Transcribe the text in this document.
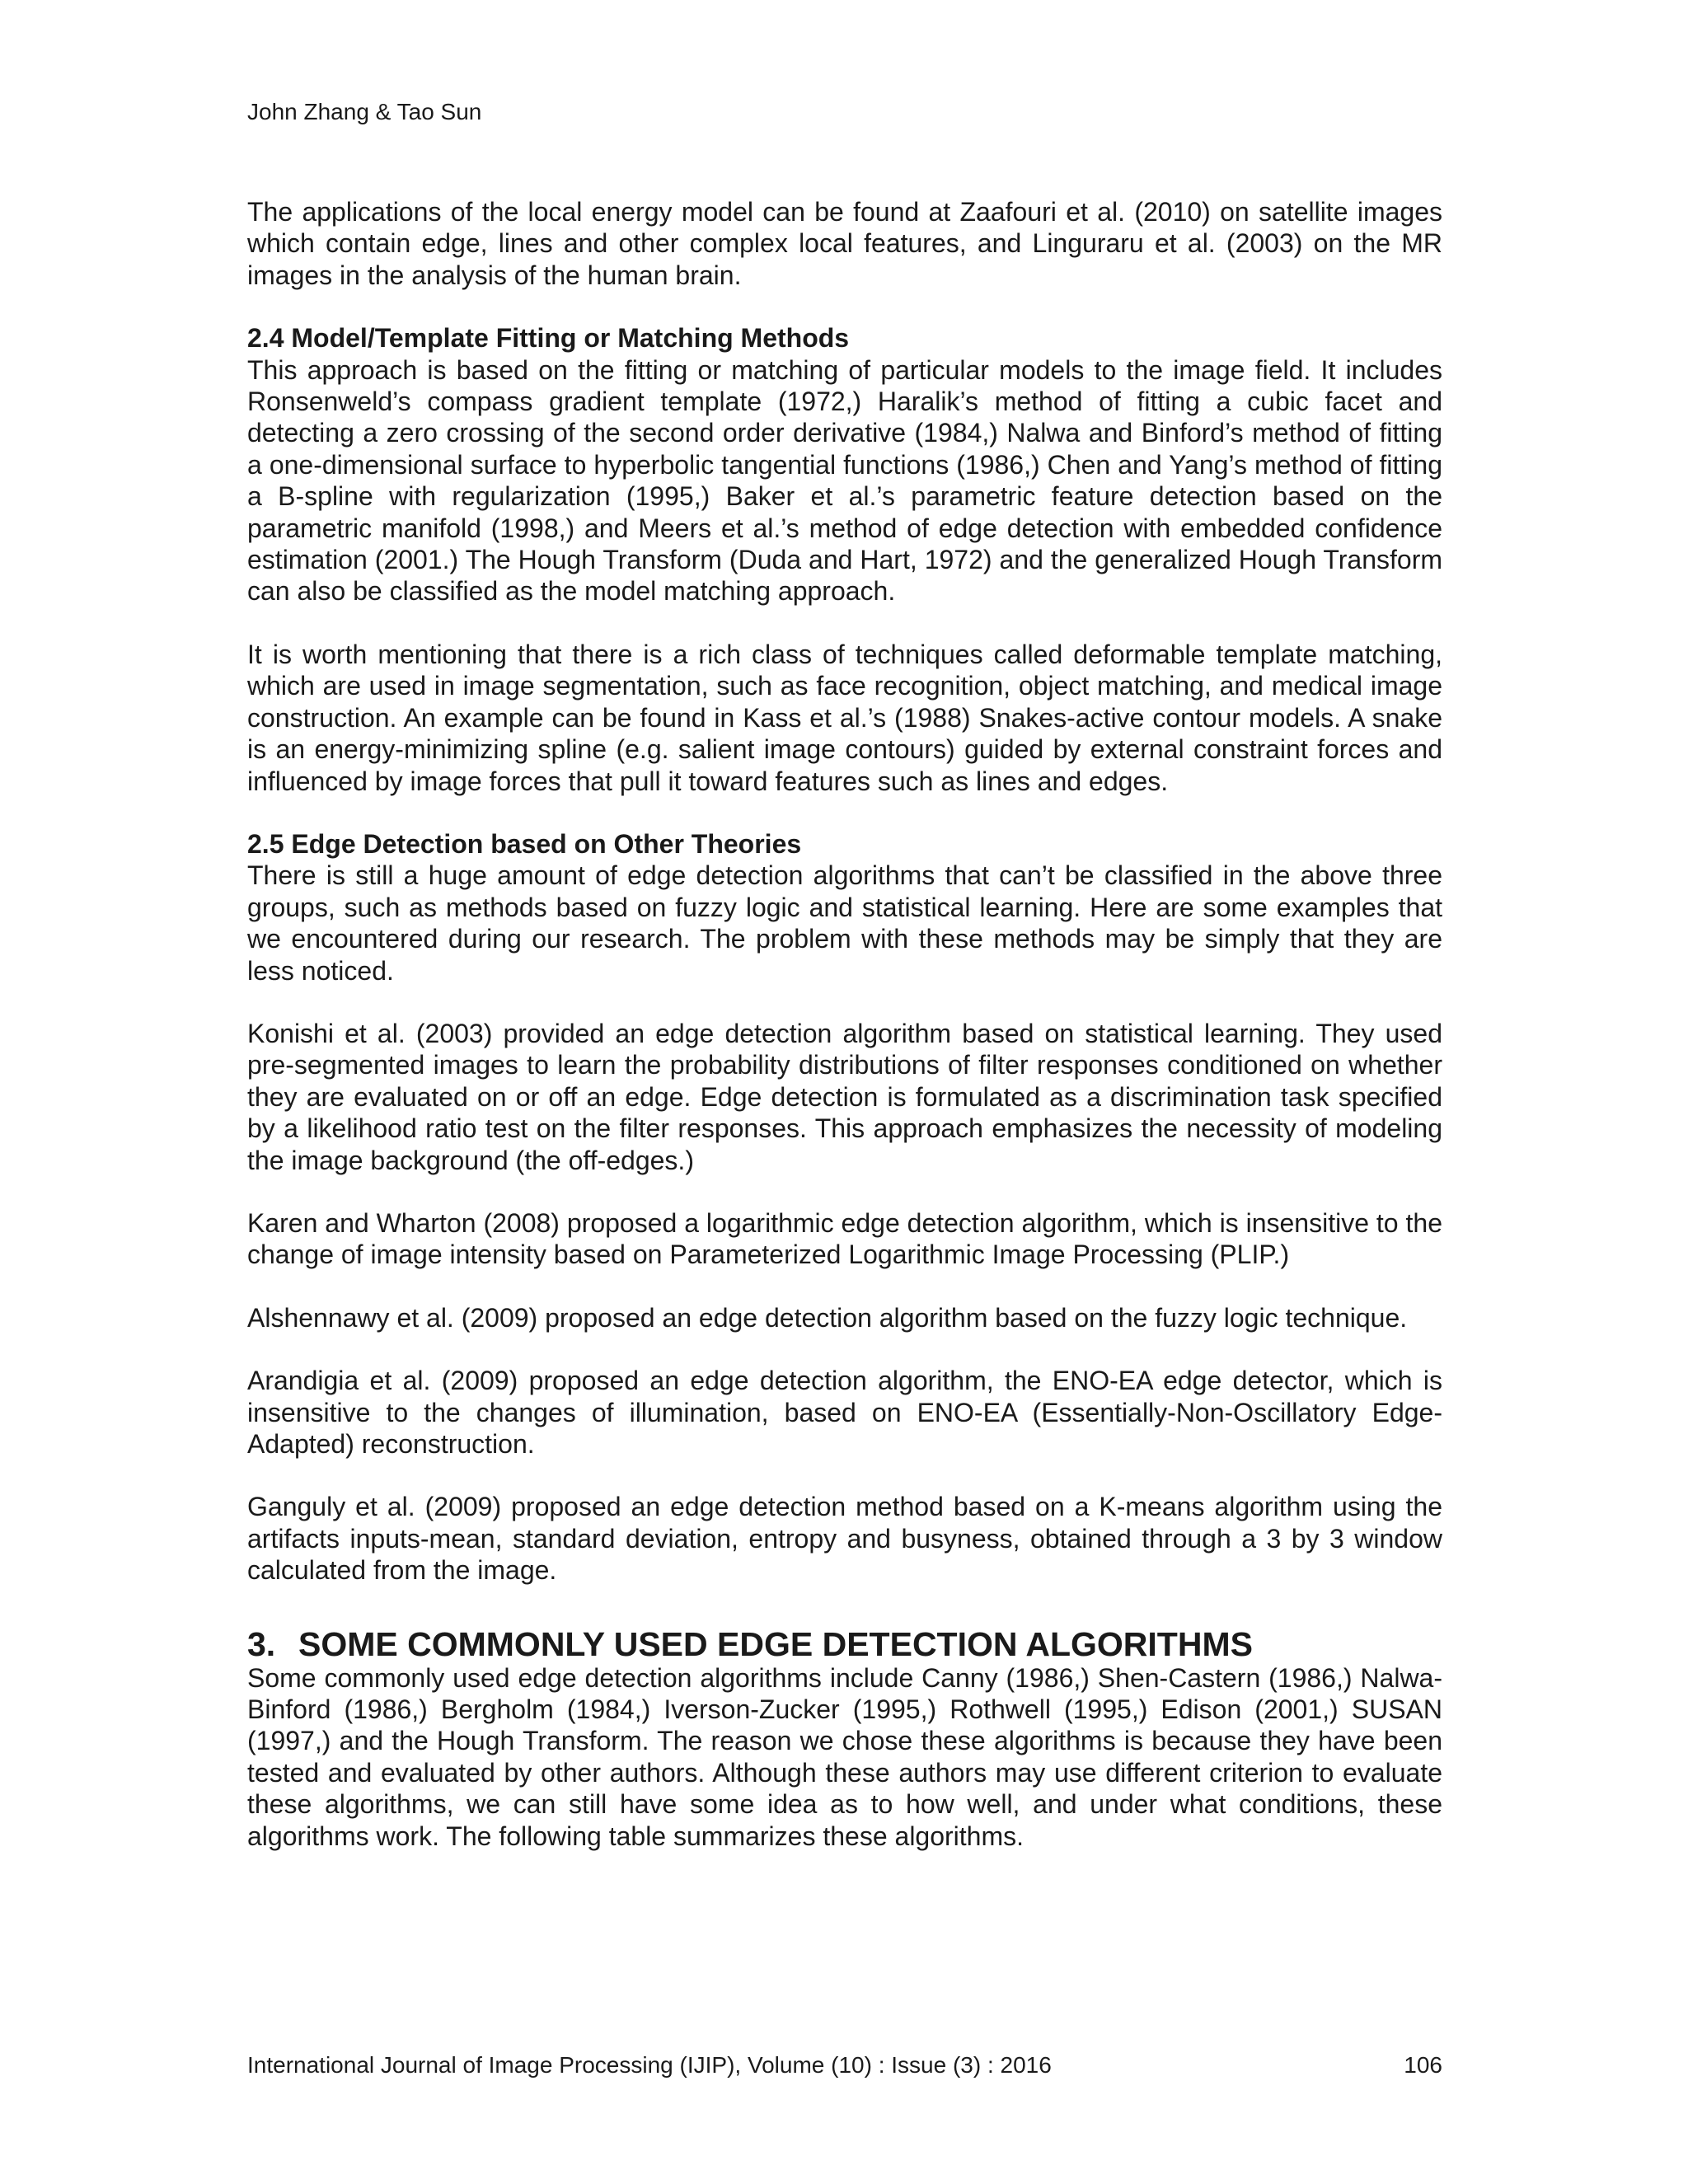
John Zhang & Tao Sun

The applications of the local energy model can be found at Zaafouri et al. (2010) on satellite images which contain edge, lines and other complex local features, and Linguraru et al. (2003) on the MR images in the analysis of the human brain.

2.4 Model/Template Fitting or Matching Methods

This approach is based on the fitting or matching of particular models to the image field. It includes Ronsenweld’s compass gradient template (1972,) Haralik’s method of fitting a cubic facet and detecting a zero crossing of the second order derivative (1984,) Nalwa and Binford’s method of fitting a one-dimensional surface to hyperbolic tangential functions (1986,) Chen and Yang’s method of fitting a B-spline with regularization (1995,) Baker et al.’s parametric feature detection based on the parametric manifold (1998,) and Meers et al.’s method of edge detection with embedded confidence estimation (2001.) The Hough Transform (Duda and Hart, 1972) and the generalized Hough Transform can also be classified as the model matching approach.

It is worth mentioning that there is a rich class of techniques called deformable template matching, which are used in image segmentation, such as face recognition, object matching, and medical image construction. An example can be found in Kass et al.’s (1988) Snakes-active contour models. A snake is an energy-minimizing spline (e.g. salient image contours) guided by external constraint forces and influenced by image forces that pull it toward features such as lines and edges.

2.5 Edge Detection based on Other Theories

There is still a huge amount of edge detection algorithms that can’t be classified in the above three groups, such as methods based on fuzzy logic and statistical learning. Here are some examples that we encountered during our research. The problem with these methods may be simply that they are less noticed.

Konishi et al. (2003) provided an edge detection algorithm based on statistical learning. They used pre-segmented images to learn the probability distributions of filter responses conditioned on whether they are evaluated on or off an edge. Edge detection is formulated as a discrimination task specified by a likelihood ratio test on the filter responses. This approach emphasizes the necessity of modeling the image background (the off-edges.)

Karen and Wharton (2008) proposed a logarithmic edge detection algorithm, which is insensitive to the change of image intensity based on Parameterized Logarithmic Image Processing (PLIP.)

Alshennawy et al. (2009) proposed an edge detection algorithm based on the fuzzy logic technique.

Arandigia et al. (2009) proposed an edge detection algorithm, the ENO-EA edge detector, which is insensitive to the changes of illumination, based on ENO-EA (Essentially-Non-Oscillatory Edge-Adapted) reconstruction.

Ganguly et al. (2009) proposed an edge detection method based on a K-means algorithm using the artifacts inputs-mean, standard deviation, entropy and busyness, obtained through a 3 by 3 window calculated from the image.

3. SOME COMMONLY USED EDGE DETECTION ALGORITHMS

Some commonly used edge detection algorithms include Canny (1986,) Shen-Castern (1986,) Nalwa-Binford (1986,) Bergholm (1984,) Iverson-Zucker (1995,) Rothwell (1995,) Edison (2001,) SUSAN (1997,) and the Hough Transform. The reason we chose these algorithms is because they have been tested and evaluated by other authors. Although these authors may use different criterion to evaluate these algorithms, we can still have some idea as to how well, and under what conditions, these algorithms work. The following table summarizes these algorithms.

International Journal of Image Processing (IJIP), Volume (10) : Issue (3) : 2016	106
